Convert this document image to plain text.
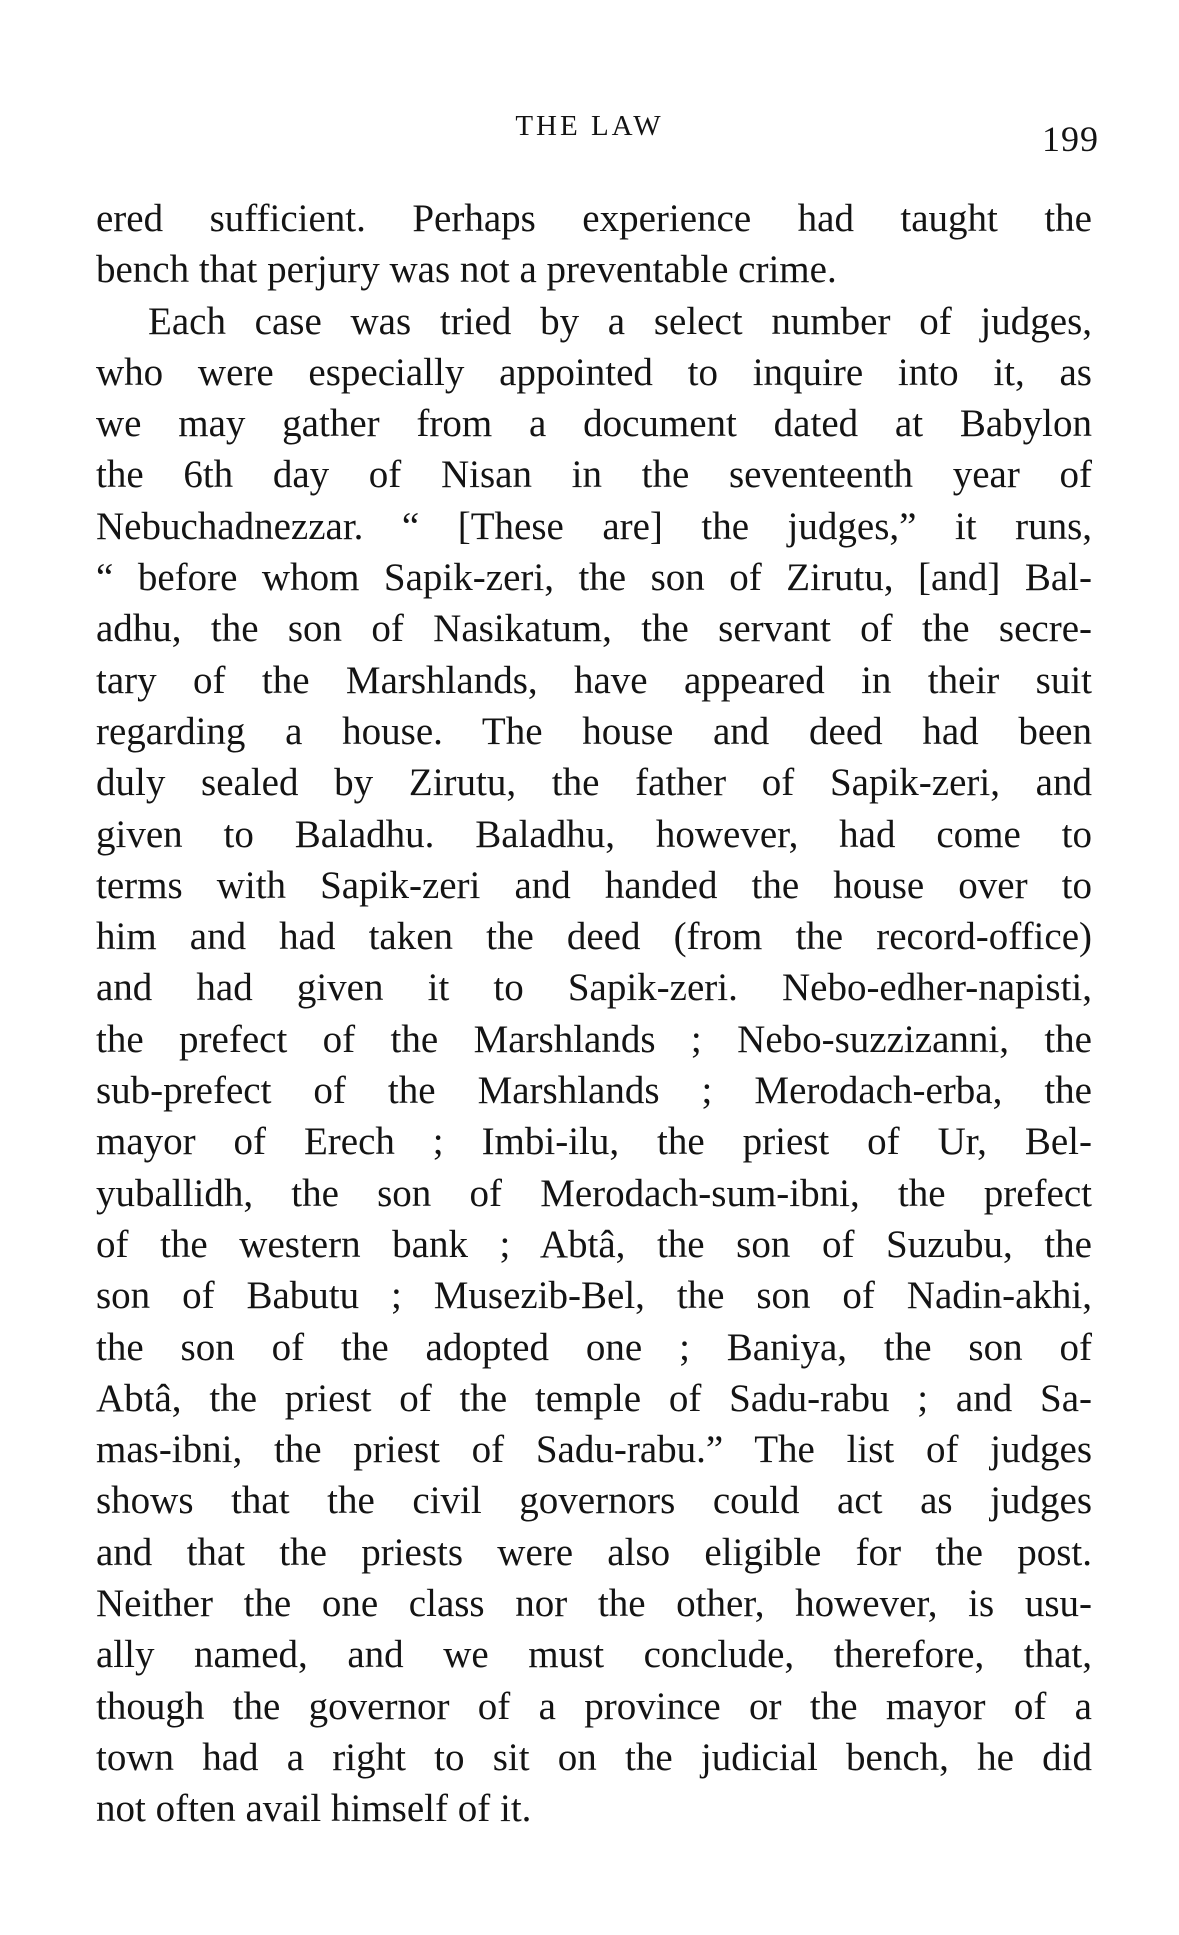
THE LAW	199
ered sufficient. Perhaps experience had taught the
bench that perjury was not a preventable crime.
Each case was tried by a select number of judges,
who were especially appointed to inquire into it, as
we may gather from a document dated at Babylon
the 6th day of Nisan in the seventeenth year of
Nebuchadnezzar. “ [These are] the judges,” it runs,
“ before whom Sapik-zeri, the son of Zirutu, [and] Bal-
adhu, the son of Nasikatum, the servant of the secre-
tary of the Marshlands, have appeared in their suit
regarding a house. The house and deed had been
duly sealed by Zirutu, the father of Sapik-zeri, and
given to Baladhu. Baladhu, however, had come to
terms with Sapik-zeri and handed the house over to
him and had taken the deed (from the record-office)
and had given it to Sapik-zeri. Nebo-edher-napisti,
the prefect of the Marshlands ; Nebo-suzzizanni, the
sub-prefect of the Marshlands ; Merodach-erba, the
mayor of Erech ; Imbi-ilu, the priest of Ur, Bel-
yuballidh, the son of Merodach-sum-ibni, the prefect
of the western bank ; Abtâ, the son of Suzubu, the
son of Babutu ; Musezib-Bel, the son of Nadin-akhi,
the son of the adopted one ; Baniya, the son of
Abtâ, the priest of the temple of Sadu-rabu ; and Sa-
mas-ibni, the priest of Sadu-rabu.” The list of judges
shows that the civil governors could act as judges
and that the priests were also eligible for the post.
Neither the one class nor the other, however, is usu-
ally named, and we must conclude, therefore, that,
though the governor of a province or the mayor of a
town had a right to sit on the judicial bench, he did
not often avail himself of it.
